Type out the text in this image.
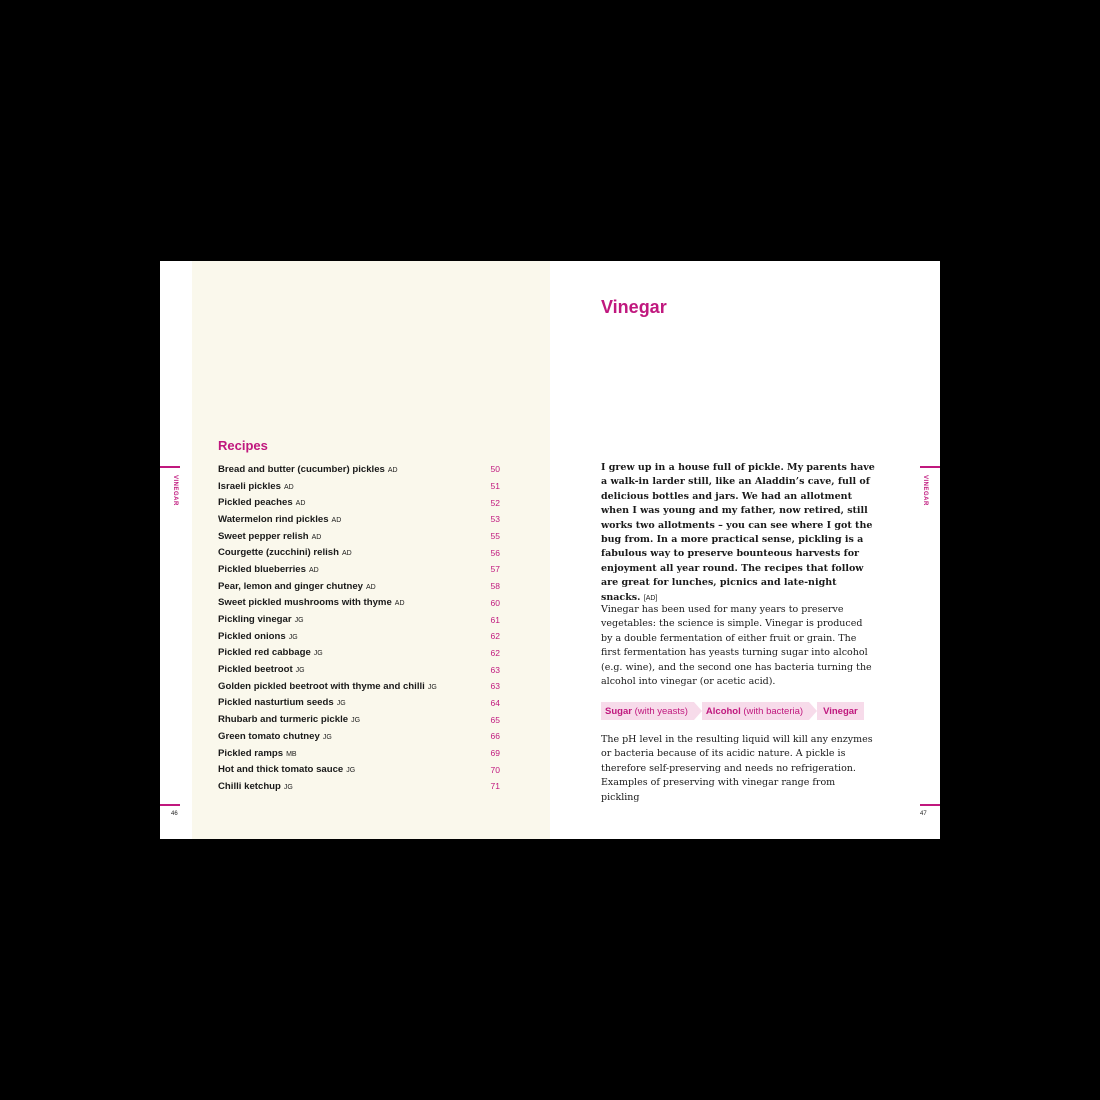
VINEGAR
46
Recipes
Bread and butter (cucumber) pickles AD	50
Israeli pickles AD	51
Pickled peaches AD	52
Watermelon rind pickles AD	53
Sweet pepper relish AD	55
Courgette (zucchini) relish AD	56
Pickled blueberries AD	57
Pear, lemon and ginger chutney AD	58
Sweet pickled mushrooms with thyme AD	60
Pickling vinegar JG	61
Pickled onions JG	62
Pickled red cabbage JG	62
Pickled beetroot JG	63
Golden pickled beetroot with thyme and chilli JG	63
Pickled nasturtium seeds JG	64
Rhubarb and turmeric pickle JG	65
Green tomato chutney JG	66
Pickled ramps MB	69
Hot and thick tomato sauce JG	70
Chilli ketchup JG	71
Vinegar
VINEGAR
47
I grew up in a house full of pickle. My parents have a walk-in larder still, like an Aladdin’s cave, full of delicious bottles and jars. We had an allotment when I was young and my father, now retired, still works two allotments – you can see where I got the bug from. In a more practical sense, pickling is a fabulous way to preserve bounteous harvests for enjoyment all year round. The recipes that follow are great for lunches, picnics and late-night snacks. [AD]
Vinegar has been used for many years to preserve vegetables: the science is simple. Vinegar is produced by a double fermentation of either fruit or grain. The first fermentation has yeasts turning sugar into alcohol (e.g. wine), and the second one has bacteria turning the alcohol into vinegar (or acetic acid).
Sugar
(with yeasts) Alcohol
(with bacteria)	Vinegar
The pH level in the resulting liquid will kill any enzymes or bacteria because of its acidic nature. A pickle is therefore self-preserving and needs no refrigeration. Examples of preserving with vinegar range from pickling
